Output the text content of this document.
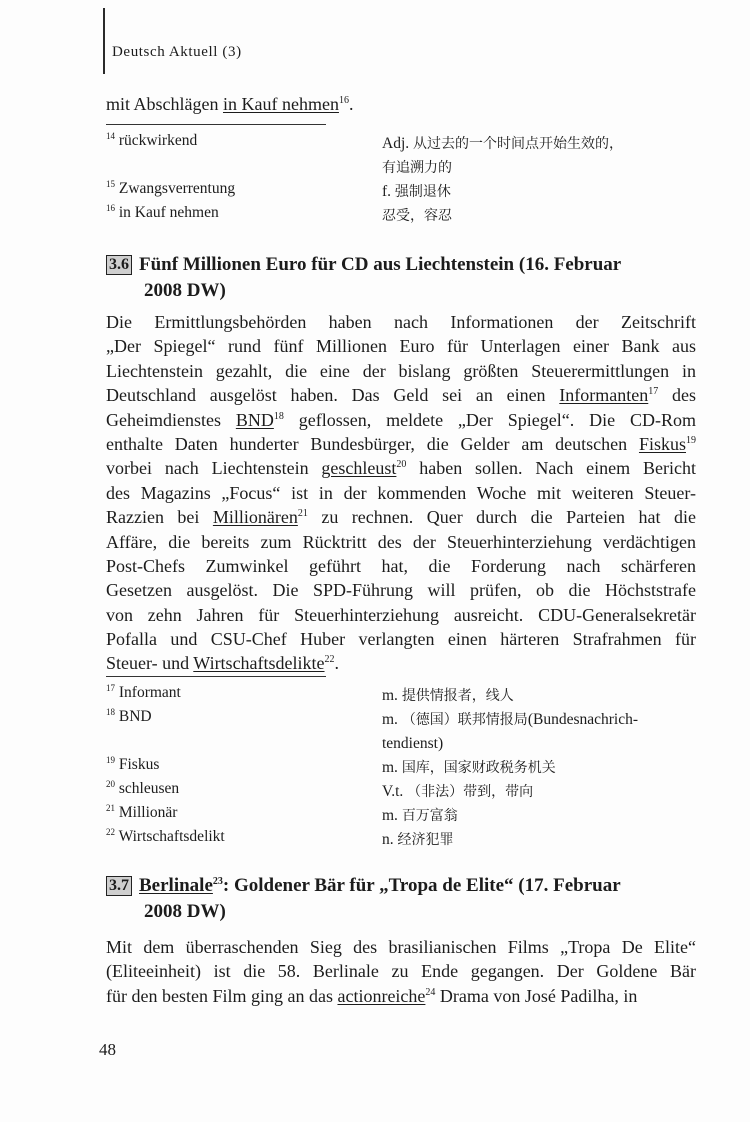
Deutsch Aktuell (3)
mit Abschlägen in Kauf nehmen$^{16}$.
$^{14}$ rückwirkend	Adj. 从过去的一个时间点开始生效的，
有追溯力的
$^{15}$ Zwangsverrentung	f. 强制退休
$^{16}$ in Kauf nehmen	忍受，容忍
3.6 Fünf Millionen Euro für CD aus Liechtenstein (16. Februar
2008 DW)
Die Ermittlungsbehörden haben nach Informationen der Zeitschrift
„Der Spiegel“ rund fünf Millionen Euro für Unterlagen einer Bank aus
Liechtenstein gezahlt, die eine der bislang größten Steuerermittlungen in
Deutschland ausgelöst haben. Das Geld sei an einen Informanten$^{17}$ des
Geheimdienstes BND$^{18}$ geflossen, meldete „Der Spiegel“. Die CD-Rom
enthalte Daten hunderter Bundesbürger, die Gelder am deutschen Fiskus$^{19}$
vorbei nach Liechtenstein geschleust$^{20}$ haben sollen. Nach einem Bericht
des Magazins „Focus“ ist in der kommenden Woche mit weiteren Steuer-
Razzien bei Millionären$^{21}$ zu rechnen. Quer durch die Parteien hat die
Affäre, die bereits zum Rücktritt des der Steuerhinterziehung verdächtigen
Post-Chefs Zumwinkel geführt hat, die Forderung nach schärferen
Gesetzen ausgelöst. Die SPD-Führung will prüfen, ob die Höchststrafe
von zehn Jahren für Steuerhinterziehung ausreicht. CDU-Generalsekretär
Pofalla und CSU-Chef Huber verlangten einen härteren Strafrahmen für
Steuer- und Wirtschaftsdelikte$^{22}$.
$^{17}$ Informant	m. 提供情报者，线人
$^{18}$ BND	m. （德国）联邦情报局(Bundesnachrich-
tendienst)
$^{19}$ Fiskus	m. 国库，国家财政税务机关
$^{20}$ schleusen	V.t. （非法）带到，带向
$^{21}$ Millionär	m. 百万富翁
$^{22}$ Wirtschaftsdelikt	n. 经济犯罪
3.7 Berlinale$^{23}$: Goldener Bär für „Tropa de Elite“ (17. Februar
2008 DW)
Mit dem überraschenden Sieg des brasilianischen Films „Tropa De Elite“
(Eliteeinheit) ist die 58. Berlinale zu Ende gegangen. Der Goldene Bär
für den besten Film ging an das actionreiche$^{24}$ Drama von José Padilha, in
48
